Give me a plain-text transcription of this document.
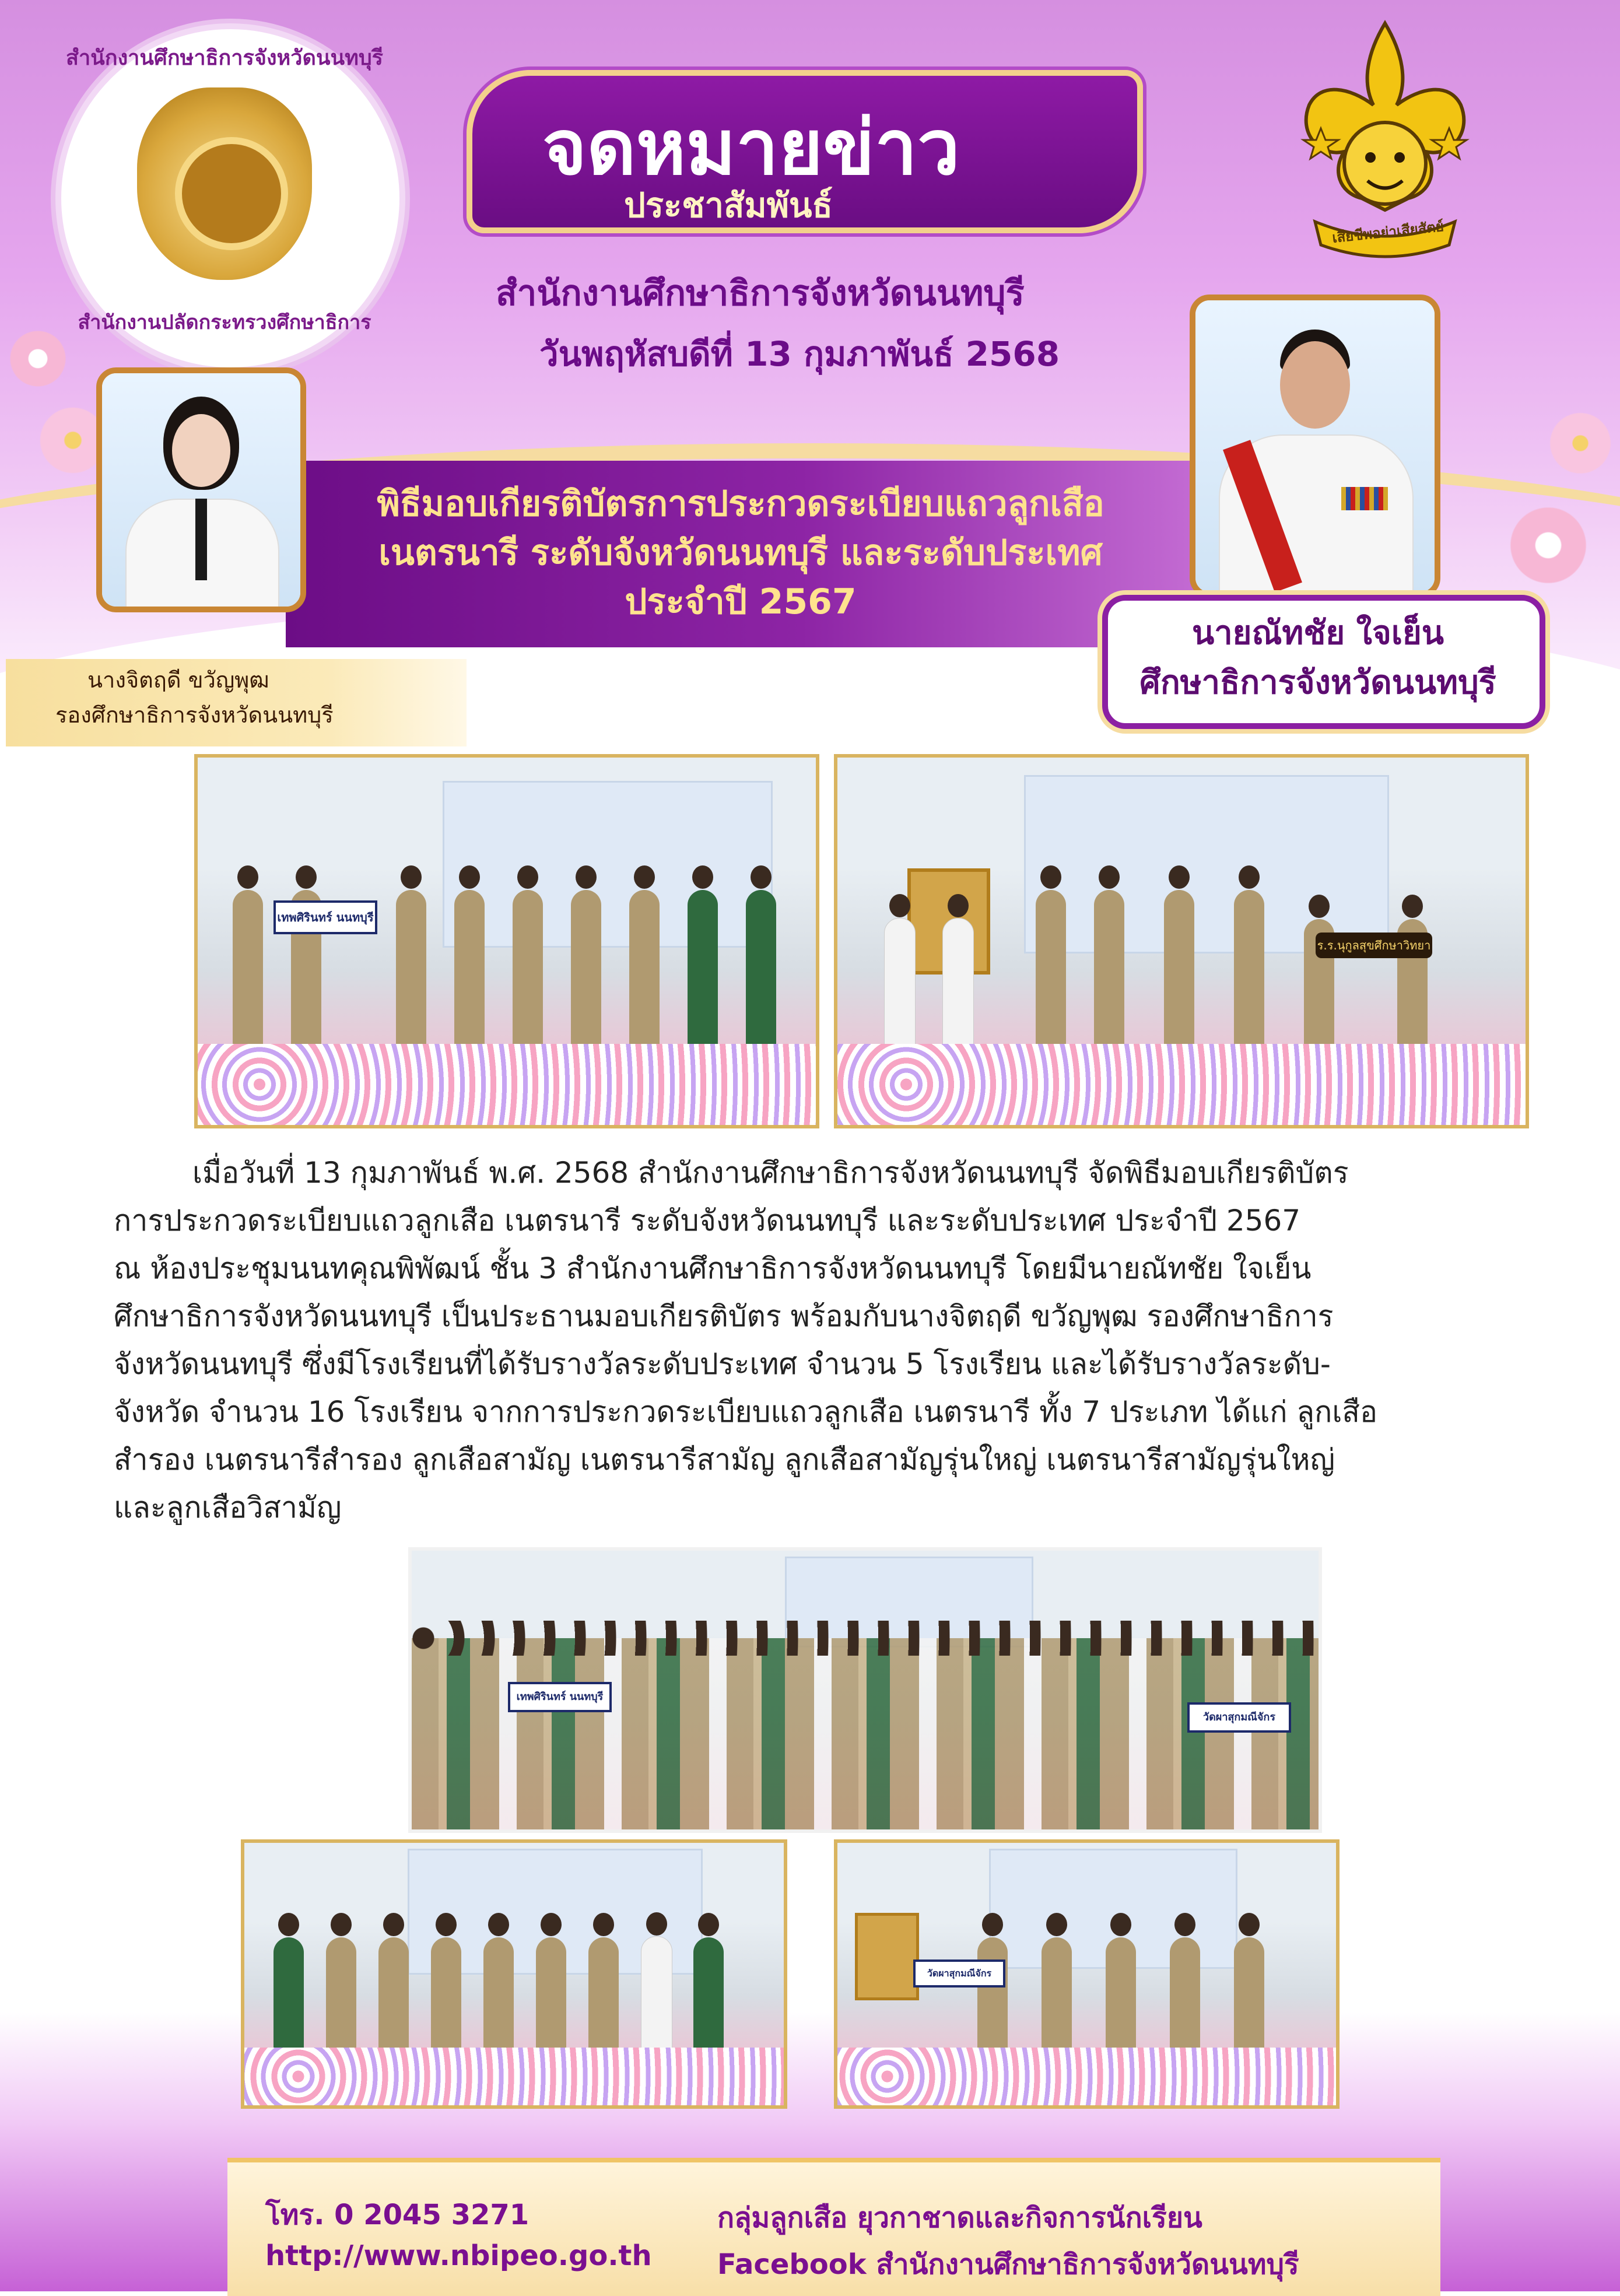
สำนักงานศึกษาธิการจังหวัดนนทบุรี
สำนักงานปลัดกระทรวงศึกษาธิการ
เสียชีพอย่าเสียสัตย์
จดหมายข่าว
ประชาสัมพันธ์
สำนักงานศึกษาธิการจังหวัดนนทบุรี
วันพฤหัสบดีที่ 13 กุมภาพันธ์ 2568
พิธีมอบเกียรติบัตรการประกวดระเบียบแถวลูกเสือ
เนตรนารี ระดับจังหวัดนนทบุรี และระดับประเทศ
ประจำปี 2567
นางจิตฤดี ขวัญพุฒ
รองศึกษาธิการจังหวัดนนทบุรี
นายณัทชัย ใจเย็น
ศึกษาธิการจังหวัดนนทบุรี
เทพศิรินทร์ นนทบุรี
ร.ร.นุกูลสุขศึกษาวิทยา
เมื่อวันที่ 13 กุมภาพันธ์ พ.ศ. 2568 สำนักงานศึกษาธิการจังหวัดนนทบุรี จัดพิธีมอบเกียรติบัตร
การประกวดระเบียบแถวลูกเสือ เนตรนารี ระดับจังหวัดนนทบุรี และระดับประเทศ ประจำปี 2567
ณ ห้องประชุมนนทคุณพิพัฒน์ ชั้น 3 สำนักงานศึกษาธิการจังหวัดนนทบุรี โดยมีนายณัทชัย ใจเย็น
ศึกษาธิการจังหวัดนนทบุรี เป็นประธานมอบเกียรติบัตร พร้อมกับนางจิตฤดี ขวัญพุฒ รองศึกษาธิการ
จังหวัดนนทบุรี ซึ่งมีโรงเรียนที่ได้รับรางวัลระดับประเทศ จำนวน 5 โรงเรียน และได้รับรางวัลระดับ-
จังหวัด จำนวน 16 โรงเรียน จากการประกวดระเบียบแถวลูกเสือ เนตรนารี ทั้ง 7 ประเภท ได้แก่ ลูกเสือ
สำรอง เนตรนารีสำรอง ลูกเสือสามัญ เนตรนารีสามัญ ลูกเสือสามัญรุ่นใหญ่ เนตรนารีสามัญรุ่นใหญ่
และลูกเสือวิสามัญ
เทพศิรินทร์ นนทบุรี
วัดผาสุกมณีจักร
วัดผาสุกมณีจักร
โทร. 0 2045 3271
http://www.nbipeo.go.th
กลุ่มลูกเสือ ยุวกาชาดและกิจการนักเรียน
Facebook สำนักงานศึกษาธิการจังหวัดนนทบุรี
